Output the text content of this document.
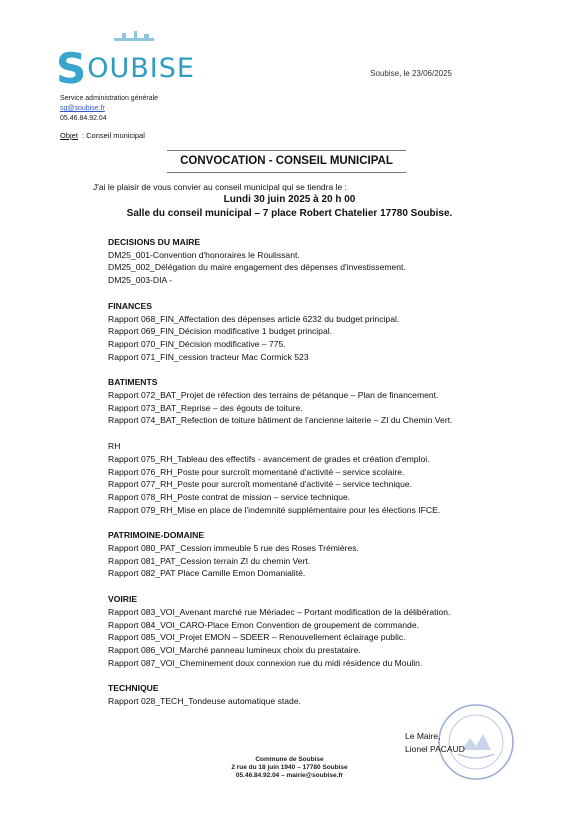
SOUBISE	Soubise, le 23/06/2025
Service administration générale
sg@soubise.fr
05.46.84.92.04
Objet : Conseil municipal
CONVOCATION - CONSEIL MUNICIPAL
J'ai le plaisir de vous convier au conseil municipal qui se tiendra le :
Lundi 30 juin 2025 à 20 h 00
Salle du conseil municipal – 7 place Robert Chatelier 17780 Soubise.
DECISIONS DU MAIRE
DM25_001-Convention d'honoraires le Roulissant.
DM25_002_Délégation du maire engagement des dépenses d'investissement.
DM25_003-DIA -
FINANCES
Rapport 068_FIN_Affectation des dépenses article 6232 du budget principal.
Rapport 069_FIN_Décision modificative 1 budget principal.
Rapport 070_FIN_Décision modificative – 775.
Rapport 071_FIN_cession tracteur Mac Cormick 523
BATIMENTS
Rapport 072_BAT_Projet de réfection des terrains de pétanque – Plan de financement.
Rapport 073_BAT_Reprise – des égouts de toiture.
Rapport 074_BAT_Refection de toiture bâtiment de l'ancienne laiterie – ZI du Chemin Vert.
RH
Rapport 075_RH_Tableau des effectifs - avancement de grades et création d'emploi.
Rapport 076_RH_Poste pour surcroît momentané d'activité – service scolaire.
Rapport 077_RH_Poste pour surcroît momentané d'activité – service technique.
Rapport 078_RH_Poste contrat de mission – service technique.
Rapport 079_RH_Mise en place de l'indemnité supplémentaire pour les élections IFCE.
PATRIMOINE-DOMAINE
Rapport 080_PAT_Cession immeuble 5 rue des Roses Trémières.
Rapport 081_PAT_Cession terrain ZI du chemin Vert.
Rapport 082_PAT Place Camille Emon Domanialité.
VOIRIE
Rapport 083_VOI_Avenant marché rue Mériadec – Portant modification de la délibération.
Rapport 084_VOI_CARO-Place Emon Convention de groupement de commande.
Rapport 085_VOI_Projet EMON – SDEER – Renouvellement éclairage public.
Rapport 086_VOI_Marché panneau lumineux choix du prestataire.
Rapport 087_VOI_Cheminement doux connexion rue du midi résidence du Moulin.
TECHNIQUE
Rapport 028_TECH_Tondeuse automatique stade.
Le Maire,
Lionel PACAUD
Commune de Soubise
2 rue du 18 juin 1940 – 17780 Soubise
05.46.84.92.04 – mairie@soubise.fr
